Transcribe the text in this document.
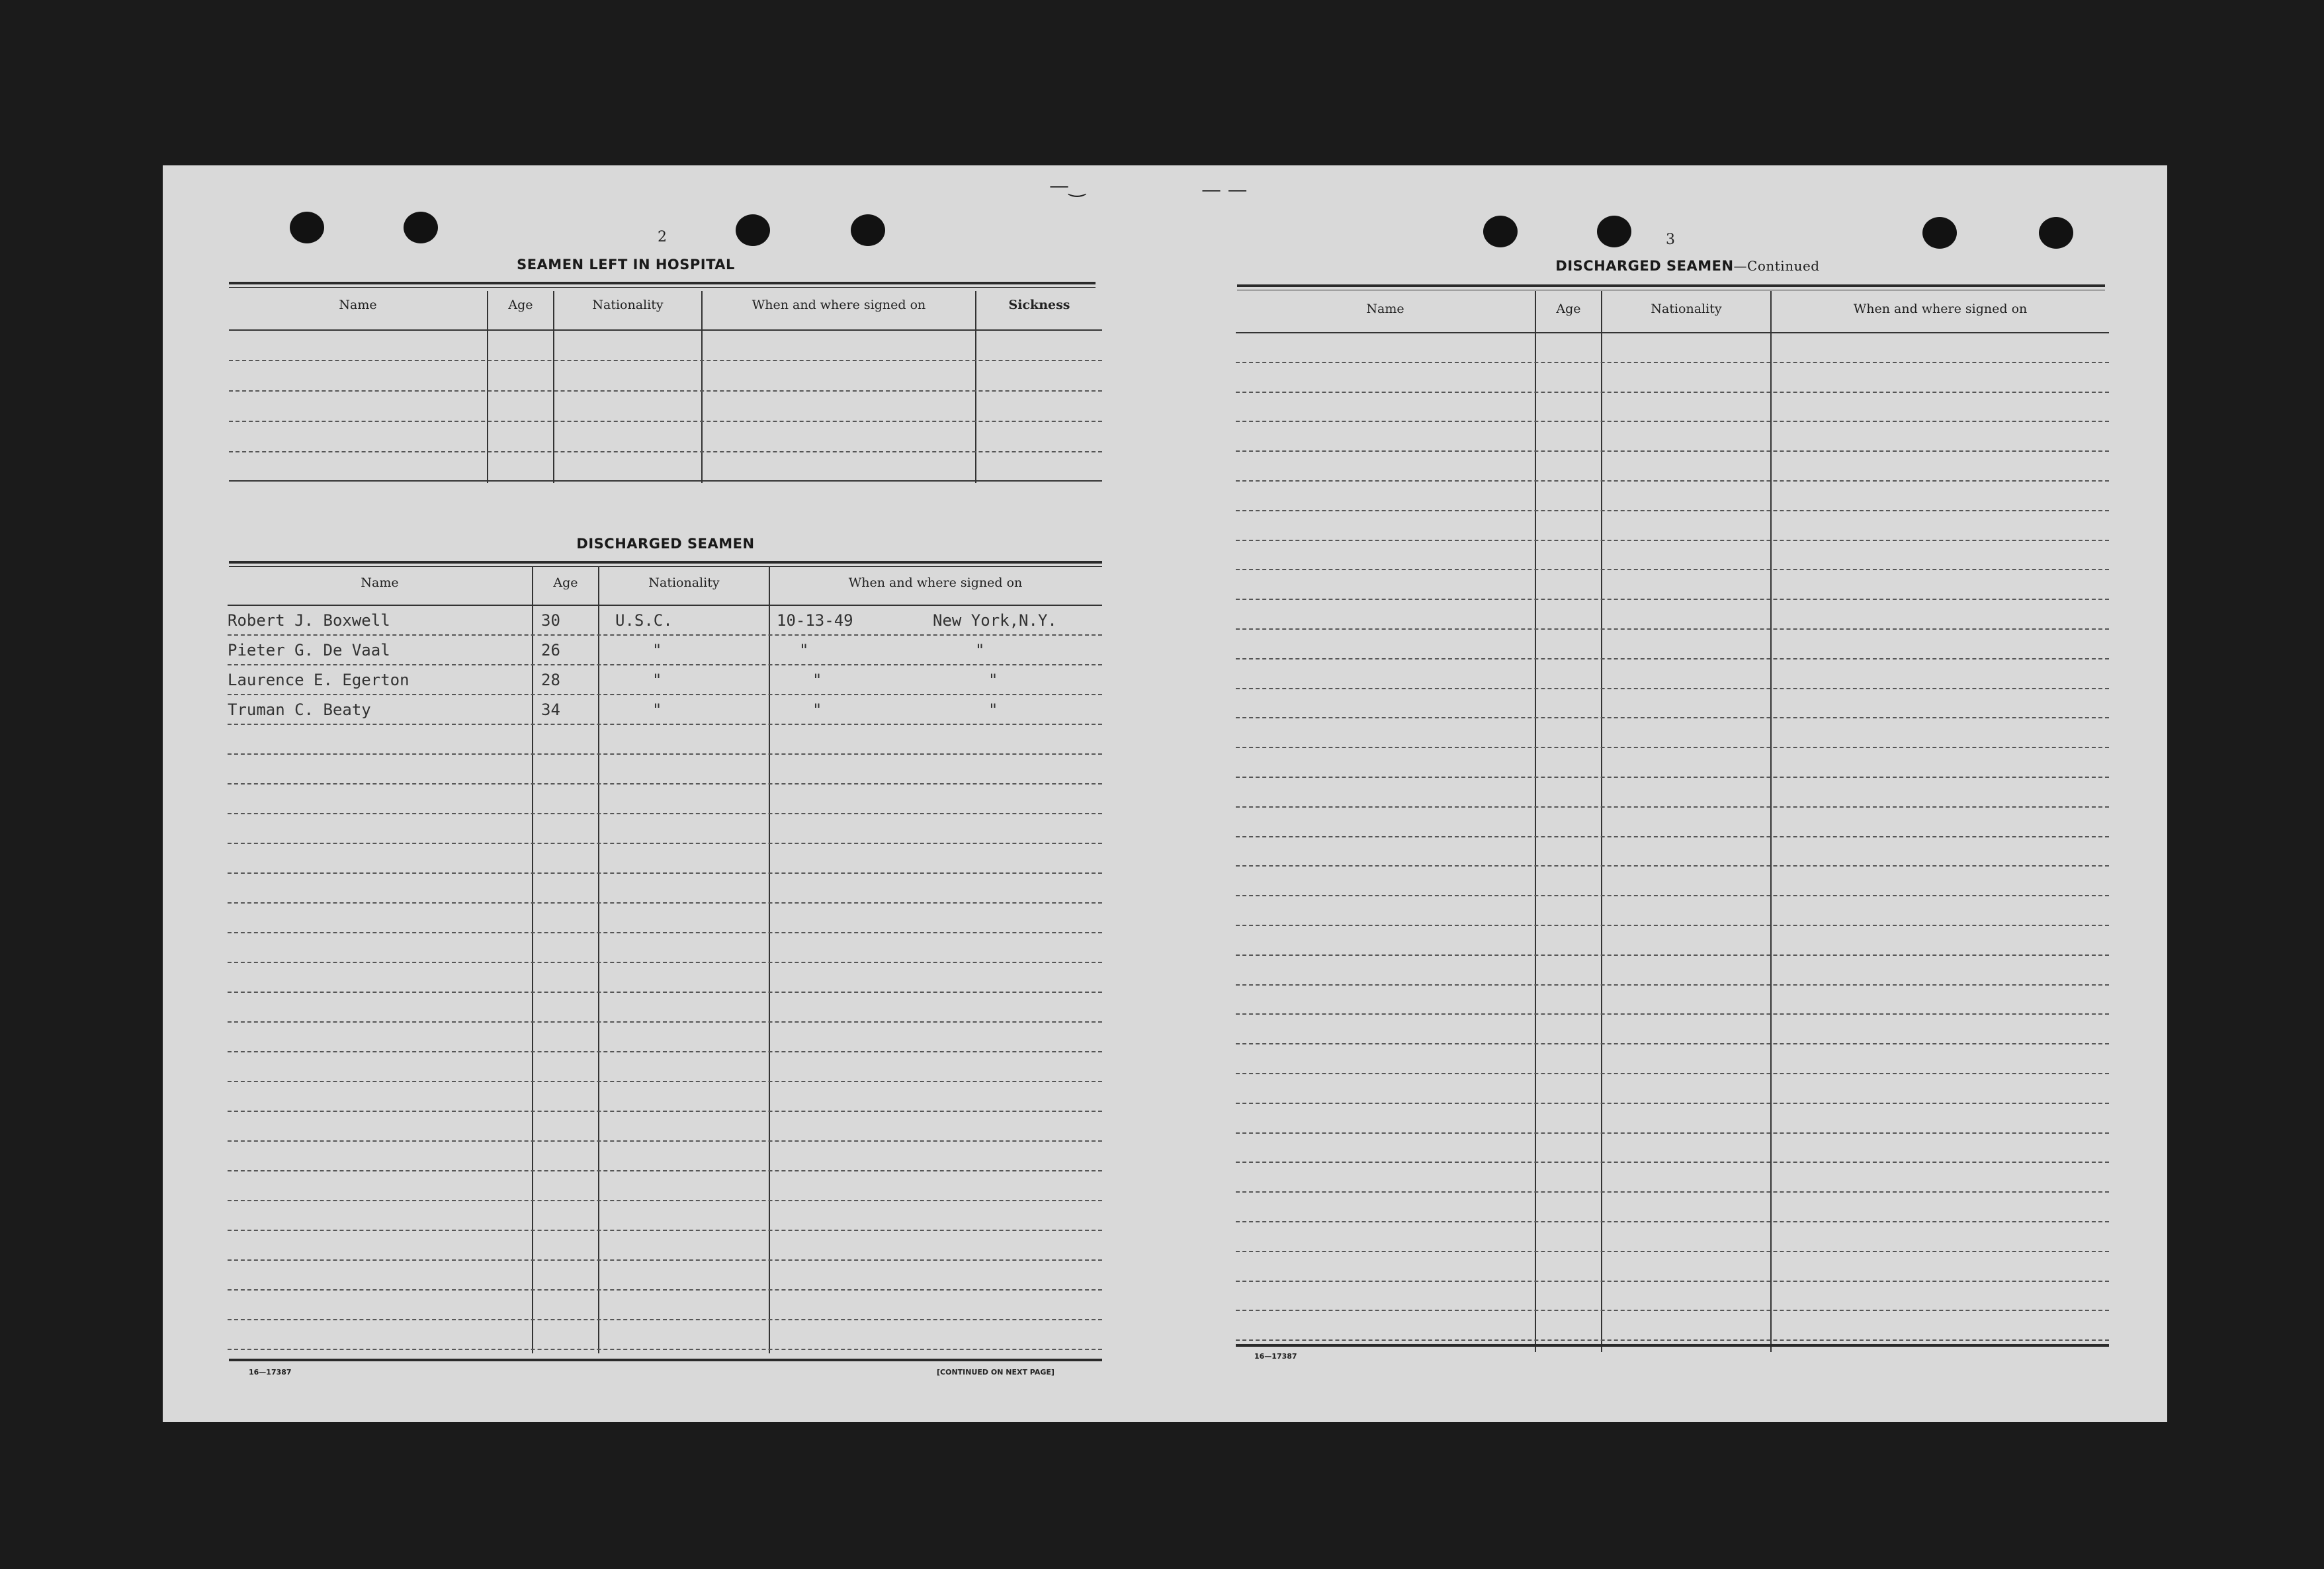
—‿	— —
2
SEAMEN LEFT IN HOSPITAL
Name	Age	Nationality	When and where signed on	Sickness
DISCHARGED SEAMEN
Name	Age	Nationality	When and where signed on
Robert J. Boxwell	30	U.S.C.	10-13-49	New York,N.Y.
Pieter G. De Vaal	26	"	"	"
Laurence E. Egerton	28	"	"	"
Truman C. Beaty	34	"	"	"
16—17387	[CONTINUED ON NEXT PAGE]
3
DISCHARGED SEAMEN—Continued
Name	Age	Nationality	When and where signed on
16—17387
